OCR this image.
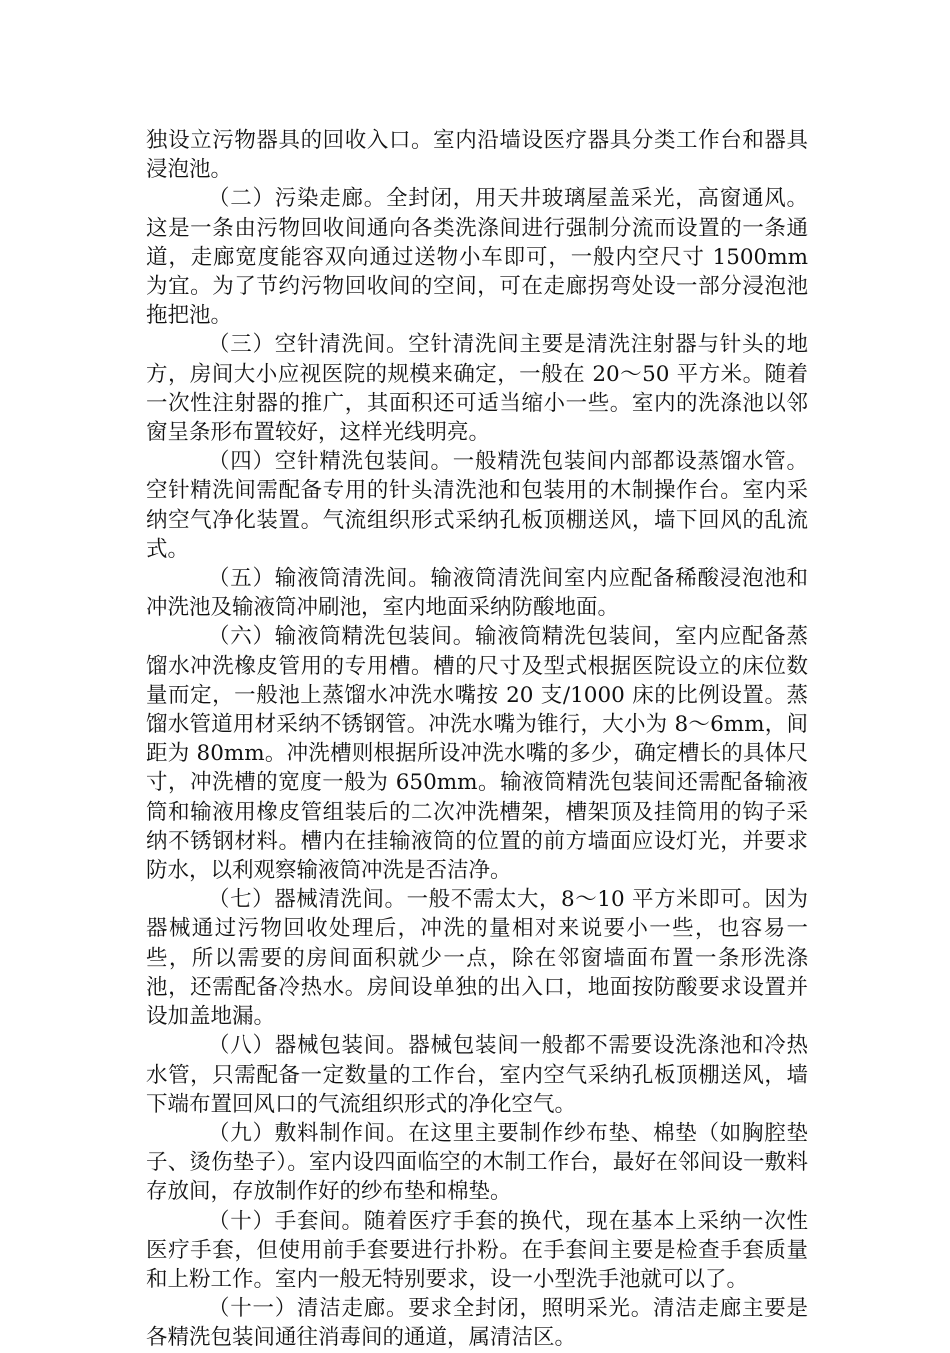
独设立污物器具的回收入口。室内沿墙设医疗器具分类工作台和器具浸泡池。

（二）污染走廊。全封闭，用天井玻璃屋盖采光，高窗通风。这是一条由污物回收间通向各类洗涤间进行强制分流而设置的一条通道，走廊宽度能容双向通过送物小车即可，一般内空尺寸 1500mm 为宜。为了节约污物回收间的空间，可在走廊拐弯处设一部分浸泡池拖把池。

（三）空针清洗间。空针清洗间主要是清洗注射器与针头的地方，房间大小应视医院的规模来确定，一般在 20～50 平方米。随着一次性注射器的推广，其面积还可适当缩小一些。室内的洗涤池以邻窗呈条形布置较好，这样光线明亮。

（四）空针精洗包装间。一般精洗包装间内部都设蒸馏水管。空针精洗间需配备专用的针头清洗池和包装用的木制操作台。室内采纳空气净化装置。气流组织形式采纳孔板顶棚送风，墙下回风的乱流式。

（五）输液筒清洗间。输液筒清洗间室内应配备稀酸浸泡池和冲洗池及输液筒冲刷池，室内地面采纳防酸地面。

（六）输液筒精洗包装间。输液筒精洗包装间，室内应配备蒸馏水冲洗橡皮管用的专用槽。槽的尺寸及型式根据医院设立的床位数量而定，一般池上蒸馏水冲洗水嘴按 20 支/1000 床的比例设置。蒸馏水管道用材采纳不锈钢管。冲洗水嘴为锥行，大小为 8～6mm，间距为 80mm。冲洗槽则根据所设冲洗水嘴的多少，确定槽长的具体尺寸，冲洗槽的宽度一般为 650mm。输液筒精洗包装间还需配备输液筒和输液用橡皮管组装后的二次冲洗槽架，槽架顶及挂筒用的钩子采纳不锈钢材料。槽内在挂输液筒的位置的前方墙面应设灯光，并要求防水，以利观察输液筒冲洗是否洁净。

（七）器械清洗间。一般不需太大，8～10 平方米即可。因为器械通过污物回收处理后，冲洗的量相对来说要小一些，也容易一些，所以需要的房间面积就少一点，除在邻窗墙面布置一条形洗涤池，还需配备冷热水。房间设单独的出入口，地面按防酸要求设置并设加盖地漏。

（八）器械包装间。器械包装间一般都不需要设洗涤池和冷热水管，只需配备一定数量的工作台，室内空气采纳孔板顶棚送风，墙下端布置回风口的气流组织形式的净化空气。

（九）敷料制作间。在这里主要制作纱布垫、棉垫（如胸腔垫子、烫伤垫子）。室内设四面临空的木制工作台，最好在邻间设一敷料存放间，存放制作好的纱布垫和棉垫。

（十）手套间。随着医疗手套的换代，现在基本上采纳一次性医疗手套，但使用前手套要进行扑粉。在手套间主要是检查手套质量和上粉工作。室内一般无特别要求，设一小型洗手池就可以了。

（十一）清洁走廊。要求全封闭，照明采光。清洁走廊主要是各精洗包装间通往消毒间的通道，属清洁区。
